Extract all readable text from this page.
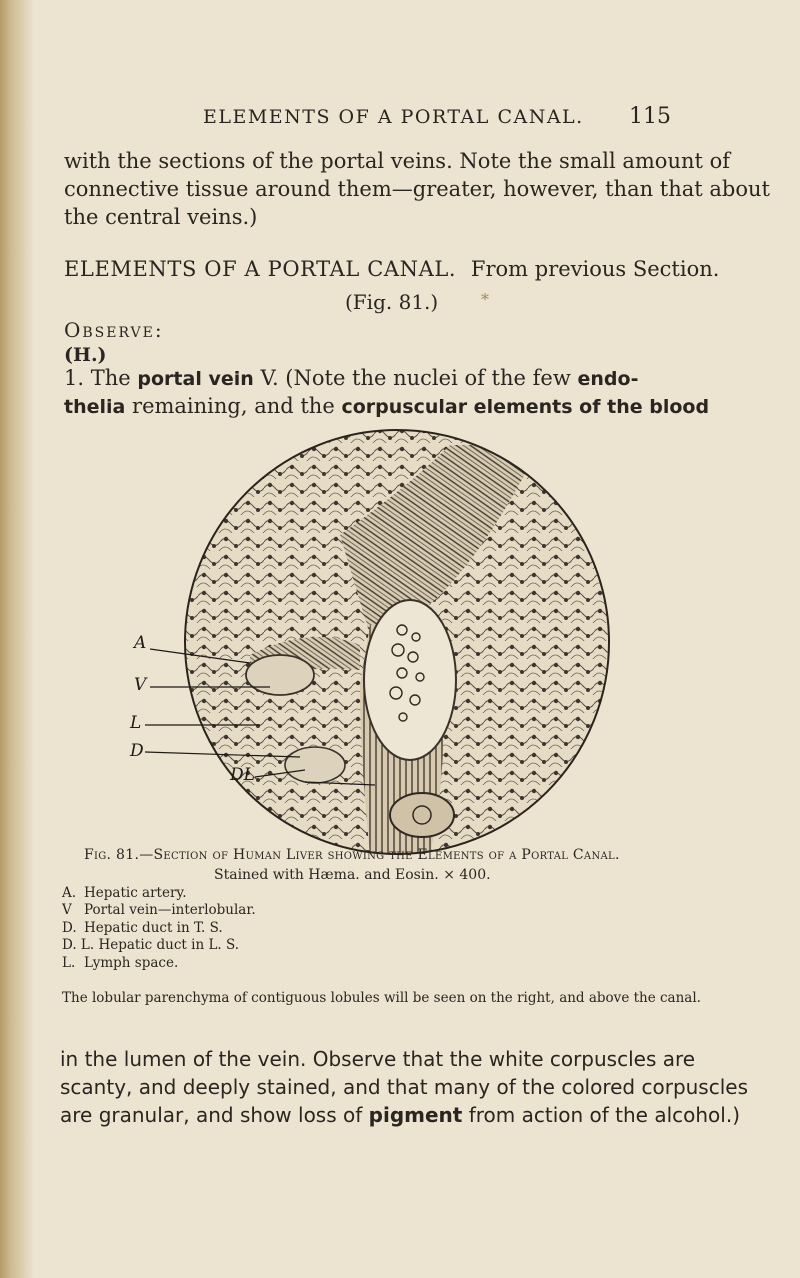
ELEMENTS OF A PORTAL CANAL. 115

with the sections of the portal veins. Note the small amount of
connective tissue around them—greater, however, than that about
the central veins.)

ELEMENTS OF A PORTAL CANAL. From previous Section.

(Fig. 81.)	*
Observe:
(H.)

1. The portal vein V. (Note the nuclei of the few endo-
thelia remaining, and the corpuscular elements of the blood

A
V
L
D
DL
Fig. 81.—Section of Human Liver showing the Elements of a Portal Canal.
Stained with Hæma. and Eosin. × 400.
A. Hepatic artery.
V Portal vein—interlobular.
D. Hepatic duct in T. S.
D. L. Hepatic duct in L. S.
L. Lymph space.
The lobular parenchyma of contiguous lobules will be seen on the right, and above the canal.

in the lumen of the vein. Observe that the white corpuscles are
scanty, and deeply stained, and that many of the colored corpuscles
are granular, and show loss of pigment from action of the alcohol.)
